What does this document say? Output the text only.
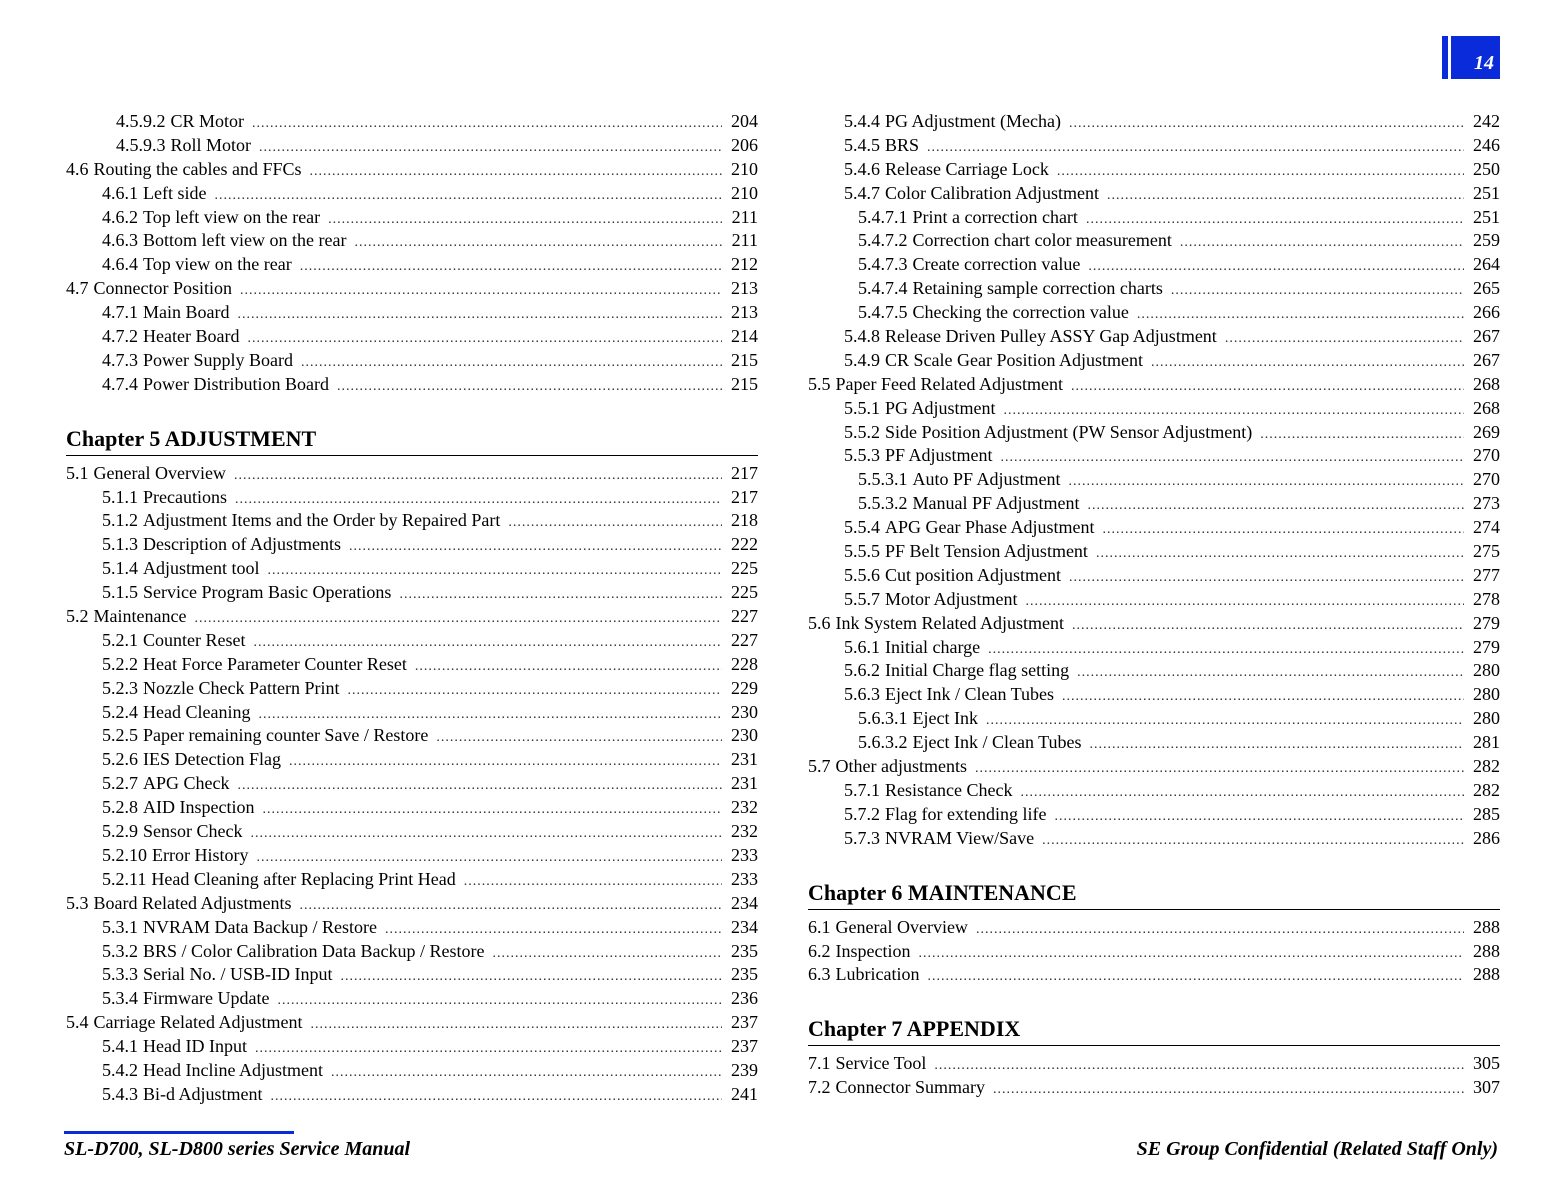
14
4.5.9.2 CR Motor .....	204
4.5.9.3 Roll Motor .....	206
4.6 Routing the cables and FFCs .....	210
4.6.1 Left side .....	210
4.6.2 Top left view on the rear .....	211
4.6.3 Bottom left view on the rear .....	211
4.6.4 Top view on the rear .....	212
4.7 Connector Position .....	213
4.7.1 Main Board .....	213
4.7.2 Heater Board .....	214
4.7.3 Power Supply Board .....	215
4.7.4 Power Distribution Board .....	215
Chapter 5 ADJUSTMENT
5.1 General Overview .....	217
5.1.1 Precautions .....	217
5.1.2 Adjustment Items and the Order by Repaired Part .....	218
5.1.3 Description of Adjustments .....	222
5.1.4 Adjustment tool .....	225
5.1.5 Service Program Basic Operations .....	225
5.2 Maintenance .....	227
5.2.1 Counter Reset .....	227
5.2.2 Heat Force Parameter Counter Reset .....	228
5.2.3 Nozzle Check Pattern Print .....	229
5.2.4 Head Cleaning .....	230
5.2.5 Paper remaining counter Save / Restore .....	230
5.2.6 IES Detection Flag .....	231
5.2.7 APG Check .....	231
5.2.8 AID Inspection .....	232
5.2.9 Sensor Check .....	232
5.2.10 Error History .....	233
5.2.11 Head Cleaning after Replacing Print Head .....	233
5.3 Board Related Adjustments .....	234
5.3.1 NVRAM Data Backup / Restore .....	234
5.3.2 BRS / Color Calibration Data Backup / Restore .....	235
5.3.3 Serial No. / USB-ID Input .....	235
5.3.4 Firmware Update .....	236
5.4 Carriage Related Adjustment .....	237
5.4.1 Head ID Input .....	237
5.4.2 Head Incline Adjustment .....	239
5.4.3 Bi-d Adjustment .....	241
5.4.4 PG Adjustment (Mecha) .....	242
5.4.5 BRS .....	246
5.4.6 Release Carriage Lock .....	250
5.4.7 Color Calibration Adjustment .....	251
5.4.7.1 Print a correction chart .....	251
5.4.7.2 Correction chart color measurement .....	259
5.4.7.3 Create correction value .....	264
5.4.7.4 Retaining sample correction charts .....	265
5.4.7.5 Checking the correction value .....	266
5.4.8 Release Driven Pulley ASSY Gap Adjustment .....	267
5.4.9 CR Scale Gear Position Adjustment .....	267
5.5 Paper Feed Related Adjustment .....	268
5.5.1 PG Adjustment .....	268
5.5.2 Side Position Adjustment (PW Sensor Adjustment) .....	269
5.5.3 PF Adjustment .....	270
5.5.3.1 Auto PF Adjustment .....	270
5.5.3.2 Manual PF Adjustment .....	273
5.5.4 APG Gear Phase Adjustment .....	274
5.5.5 PF Belt Tension Adjustment .....	275
5.5.6 Cut position Adjustment .....	277
5.5.7 Motor Adjustment .....	278
5.6 Ink System Related Adjustment .....	279
5.6.1 Initial charge .....	279
5.6.2 Initial Charge flag setting .....	280
5.6.3 Eject Ink / Clean Tubes .....	280
5.6.3.1 Eject Ink .....	280
5.6.3.2 Eject Ink / Clean Tubes .....	281
5.7 Other adjustments .....	282
5.7.1 Resistance Check .....	282
5.7.2 Flag for extending life .....	285
5.7.3 NVRAM View/Save .....	286
Chapter 6 MAINTENANCE
6.1 General Overview .....	288
6.2 Inspection .....	288
6.3 Lubrication .....	288
Chapter 7 APPENDIX
7.1 Service Tool .....	305
7.2 Connector Summary .....	307
SL-D700, SL-D800 series Service Manual	SE Group Confidential (Related Staff Only)
